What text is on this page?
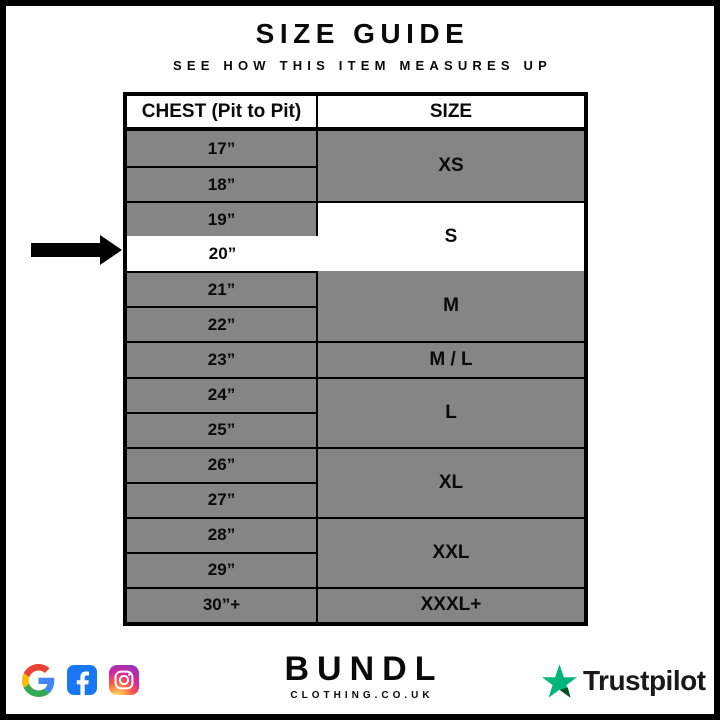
SIZE GUIDE
SEE HOW THIS ITEM MEASURES UP
CHEST (Pit to Pit)	SIZE
17”
18”
19”
20”
21”
22”
23”
24”
25”
26”
27”
28”
29”
30”+
XS
S
M
M / L
L
XL
XXL
XXXL+
BUNDL
CLOTHING.CO.UK	Trustpilot
